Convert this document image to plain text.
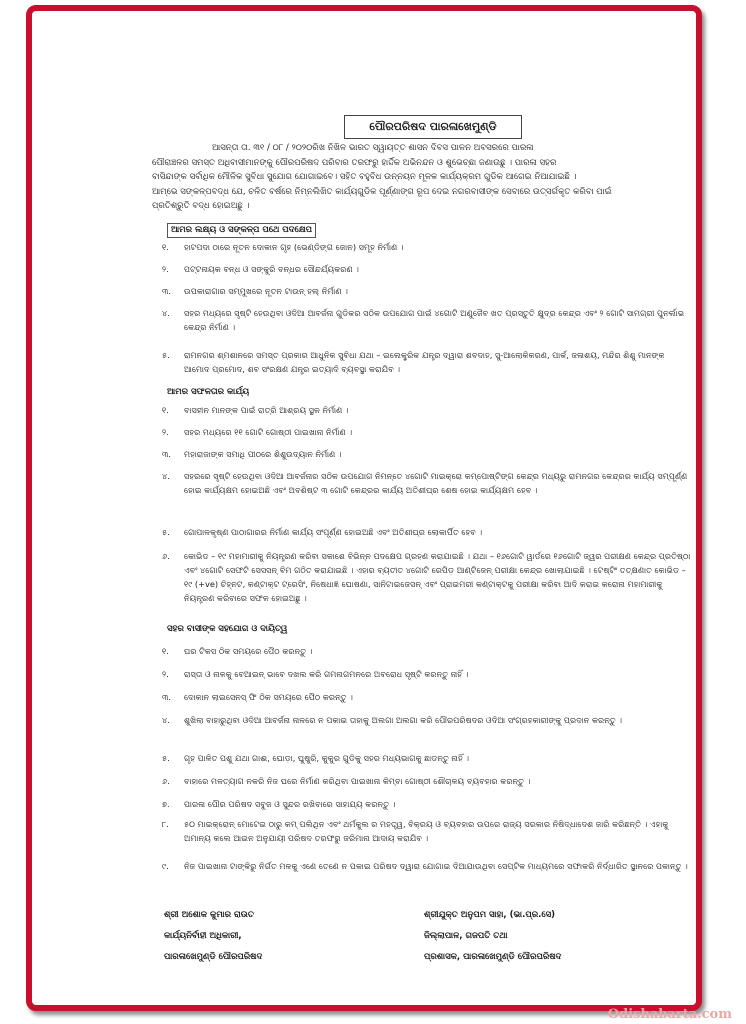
ପୌରପରିଷଦ ପାରଳାଖେମୁଣ୍ଡି
ଆସନ୍ତା ତା. ୩୧ / ୦୮ / ୨୦୨୦ରିଖ ନିଖିଳ ଭାରତ ସ୍ୱାୟତ୍ତ ଶାସନ ଦିବସ ପାଳନ ଅବସରରେ ପାରଳା
ପୌରାଞ୍ଚଳର ସମସ୍ତ ଅଧିବାସୀମାନଙ୍କୁ ପୌରପରିଷଦ ପରିବାର ତରଫରୁ ହାର୍ଦ୍ଦିକ ଅଭିନନ୍ଦନ ଓ ଶୁଭେଚ୍ଛା ଜଣାଉଛୁ । ପାରଳା ସହର
ବାସିନ୍ଦାଙ୍କ ସର୍ବାଧିକ ମୌଳିକ ସୁବିଧା ସୁଯୋଗ ଯୋଗାଇବେ। ସହିତ ବହୁବିଧ ଉନ୍ନୟନ ମୂଳକ କାର୍ଯ୍ୟକ୍ରମ ଗୁଡିକ ଆଗେଇ ନିଆଯାଇଛି ।
ଆମ୍ଭେ ସଙ୍କଳ୍ପବଦ୍ଧ ଯେ, ଚଳିତ ବର୍ଷରେ ନିମ୍ନଲିଖିତ କାର୍ଯ୍ୟଗୁଡିକ ପୂର୍ଣ୍ଣାଙ୍ଗ ରୂପ ଦେଇ ନଗରବାସୀଙ୍କ ସେବାରେ ଉତ୍ସର୍ଗକୃତ କରିବା ପାଇଁ
ପ୍ରତିଶ୍ରୁତି ବଦ୍ଧ ହୋଇଅଛୁ ।
ଆମର ଲକ୍ଷ୍ୟ ଓ ସଙ୍କଳ୍ପ ପଥେ ପଦକ୍ଷେପ
୧.	ହାଟପଦା ଠାରେ ନୂତନ ଦୋକାନ ଗୃହ (ଭେଣ୍ଡିଙ୍ଗ ଜୋନ) ସମୂହ ନିର୍ମାଣ ।
୨.	ପଟ୍ଟନାୟକ ବନ୍ଧ ଓ ସଙ୍କୁରି ବନ୍ଧର ସୌନ୍ଦର୍ଯ୍ୟକରଣ ।
୩.	ଉପକାରାଗାର ସମ୍ମୁଖରେ ନୂତନ ଟାଉନ୍ ହଲ୍ ନିର୍ମାଣ ।
୪.	ସହର ମଧ୍ୟରେ ସୃଷ୍ଟି ହେଉଥିବା ଓଦିଆ ଆବର୍ଜନା ଗୁଡିକର ସଠିକ ଉପଯୋଗ ପାଇଁ ୪ଗୋଟି ଅଣୁଜୈବ ଖତ ପ୍ରସ୍ତୁତି କ୍ଷୁଦ୍ର କେନ୍ଦ୍ର ଏବଂ ୨ ଗୋଟି ସାମଗ୍ରୀ ପୁନର୍ଲାଭ କେନ୍ଦ୍ର ନିର୍ମାଣ ।
୫.	ରାମନଗର ଶ୍ମଶାନରେ ସମସ୍ତ ପ୍ରକାର ଆଧୁନିକ ସୁବିଧା ଯଥା – ଇଲେକ୍ଟ୍ରିକ ଯନ୍ତ୍ର ଦ୍ୱାରା ଶବଦାହ, ସୁ-ଆଲୋକିକରଣ, ପାର୍କ, ଜଳାଶୟ, ମନ୍ଦିର ଶିଶୁ ମାନଙ୍କ ଆମୋଦ ପ୍ରମୋଦ, ଶବ ସଂରକ୍ଷଣ ଯନ୍ତ୍ର ଇତ୍ୟାଦି ବ୍ୟବସ୍ଥା କରାଯିବ ।
ଆମର ସଫଳତାର କାର୍ଯ୍ୟ
୧.	ବାସହୀନ ମାନଙ୍କ ପାଇଁ ରାତ୍ରି ଆଶ୍ରୟ ସ୍ଥଳ ନିର୍ମାଣ ।
୨.	ସହର ମଧ୍ୟରେ ୧୧ ଗୋଟି ଗୋଷ୍ଠୀ ପାଇଖାନା ନିର୍ମାଣ ।
୩.	ମହାରାଜାଙ୍କ ସମାଧି ପୀଠରେ ଶିଶୁଉଦ୍ୟାନ ନିର୍ମାଣ ।
୪.	ସହରରେ ସୃଷ୍ଟି ହେଉଥିବା ଓଦିଆ ଆବର୍ଜନାର ସଠିକ ଉପଯୋଗ ନିମନ୍ତେ ୪ଗୋଟି ମାଇକ୍ରୋ କମ୍ପୋଷ୍ଟିଙ୍ଗ କେନ୍ଦ୍ର ମଧ୍ୟରୁ ରାମନଗର କେନ୍ଦ୍ରର କାର୍ଯ୍ୟ ସମ୍ପୂର୍ଣ୍ଣ ହୋଇ କାର୍ଯ୍ୟକ୍ଷମ ହୋଇଅଛି ଏବଂ ଅବଶିଷ୍ଟ ୩ ଗୋଟି କେନ୍ଦ୍ରର କାର୍ଯ୍ୟ ଅତିଶୀଘ୍ର ଶେଷ ହୋଇ କାର୍ଯ୍ୟକ୍ଷମ ହେବ ।
୫.	ଗୋପାଳକୃଷ୍ଣ ପାଠାଗାରର ନିର୍ମାଣ କାର୍ଯ୍ୟ ସଂପୂର୍ଣ୍ଣ ହୋଇଅଛି ଏବଂ ଅତିଶୀଘ୍ର ଲୋକାର୍ପିତ ହେବ ।
୬.	କୋଭିଡ – ୧୯ ମହାମାରୀକୁ ନିୟନ୍ତ୍ରଣ କରିବା ସକାଶେ ବିଭିନ୍ନ ପଦକ୍ଷେପ ଗ୍ରହଣ କରାଯାଇଛି । ଯଥା – ୧୬ଗୋଟି ୱାର୍ଡରେ ୧୬ଗୋଟି ଜ୍ୱର ପରୀକ୍ଷଣ କେନ୍ଦ୍ର ପ୍ରତିଷ୍ଠା ଏବଂ ୪ଗୋଟି ସେଫଟି ସେସସନ୍ ବିମ ଗଠିତ କରାଯାଇଛି । ଏହାର ବ୍ୟତୀତ ୪ଗୋଟି ରେପିଡ଼ ଆଣ୍ଟିଜେନ୍ ପରୀକ୍ଷା କେନ୍ଦ୍ର ଖୋଲାଯାଇଛି । ଟେଷ୍ଟିଂ ତତ୍କ୍ଷଣାତ କୋଭିଡ – ୧୯ (+ve) ଚିହ୍ନଟ, କଣ୍ଟାକ୍ଟ ଟ୍ରେସିଂ, ନିଷେଧାଜ୍ଞ ଘୋଷଣା, ସାନିଟାଇଜେସନ୍ ଏବଂ ପ୍ରାଇମରୀ କଣ୍ଟାକ୍ଟକୁ ପରୀକ୍ଷା କରିବା ଆଦି କରାଇ କରୋନା ମହାମାରୀକୁ ନିୟନ୍ତ୍ରଣ କରିବାରେ ସଫଳ ହୋଇଅଛୁ ।
ସହର ବାସୀଙ୍କ ସହଯୋଗ ଓ ଦାୟିତ୍ୱ
୧.	ଘର ଟିକସ ଠିକ ସମୟରେ ପୈଠ କରନ୍ତୁ ।
୨.	ରାସ୍ତା ଓ ନାଳକୁ ବେଆଇନ୍ ଭାବେ ଦଖଲ କରି ଗମନାଗମନରେ ଅବରୋଧ ସୃଷ୍ଟି କରନ୍ତୁ ନାହିଁ ।
୩.	ଦୋକାନ ଲାଇସେନସ୍ ଫି ଠିକ ସମୟରେ ପୈଠ କରନ୍ତୁ ।
୪.	ଶୁଖିଲା ବାହାରୁଥିବା ଓଦିଆ ଆବର୍ଜନା ନାଳରେ ନ ପକାଇ ତାହାକୁ ଅଲଗା ଅଲଗା କରି ପୌରପରିଷଦର ଓଦିଆ ସଂଗ୍ରହକାରୀଙ୍କୁ ପ୍ରଦାନ କରନ୍ତୁ ।
୫.	ଗୃହ ପାଳିତ ପଶୁ ଯଥା ଗାଈ, ଘୋଡ଼ା, ଘୁଷୁରି, କୁକୁର ଗୁଡିକୁ ସହର ମଧ୍ୟଭାଗକୁ ଛାଡନ୍ତୁ ନାହିଁ ।
୬.	ବାହାରେ ମଳତ୍ୟାଗ ନକରି ନିଜ ଘରେ ନିର୍ମାଣ କରିଥିବା ପାଇଖାନା କିମ୍ବା ଗୋଷ୍ଠୀ ଶୌଚାଳୟ ବ୍ୟବହାର କରନ୍ତୁ ।
୭.	ପାରଳା ପୌର ପରିଷଦ ସବୁଜ ଓ ସୁନ୍ଦର ରଖିବାରେ ସାହାଯ୍ୟ କରନ୍ତୁ ।
୮.	୫୦ ମାଇକ୍ରୋନ୍ ମୋଟେଇ ଠାରୁ କମ୍ ପଲିଥିନ ଏବଂ ଥର୍ମକୁଲ ର ମହତ୍ତ୍ୱ, ବିକ୍ରୟ ଓ ବ୍ୟବହାର ଉପରେ ରାଜ୍ୟ ସରକାର ନିଷିଦ୍ଧାଦେଶ ଜାରି କରିଛନ୍ତି । ଏହାକୁ ଅମାନ୍ୟ କଲେ ଆଇନ ଅନୁଯାୟୀ ପରିଷଦ ତରଫରୁ ଜରିମାନା ଆଦାୟ କରାଯିବ ।
୯.	ନିଜ ପାଇଖାନା ଟାଙ୍କିରୁ ନିର୍ଗତ ମଳକୁ ଏଣେ ତେଣେ ନ ପକାଇ ପରିଷଦ ଦ୍ୱାରା ଯୋଗାଇ ଦିଆଯାଉଥିବା ସେପ୍ଟିକ ମାଧ୍ୟମରେ ସଫାକରି ନିର୍ଦ୍ଧାରିତ ସ୍ଥାନରେ ପକାନ୍ତୁ ।
ଶ୍ରୀ ଅଶୋକ କୁମାର ରାଉତ
କାର୍ଯ୍ୟନିର୍ବାହୀ ଅଧିକାରୀ,
ପାରଳାଖେମୁଣ୍ଡି ପୌରପରିଷଦ
ଶ୍ରୀଯୁକ୍ତ ଅନୁପମ ସାହା, (ଭା.ପ୍ର.ସେ)
ଜିଲ୍ଲାପାଳ, ଗଜପତି ତଥା
ପ୍ରଶାସକ, ପାରଳାଖେମୁଣ୍ଡି ପୌରପରିଷଦ
Odishabarta.com
